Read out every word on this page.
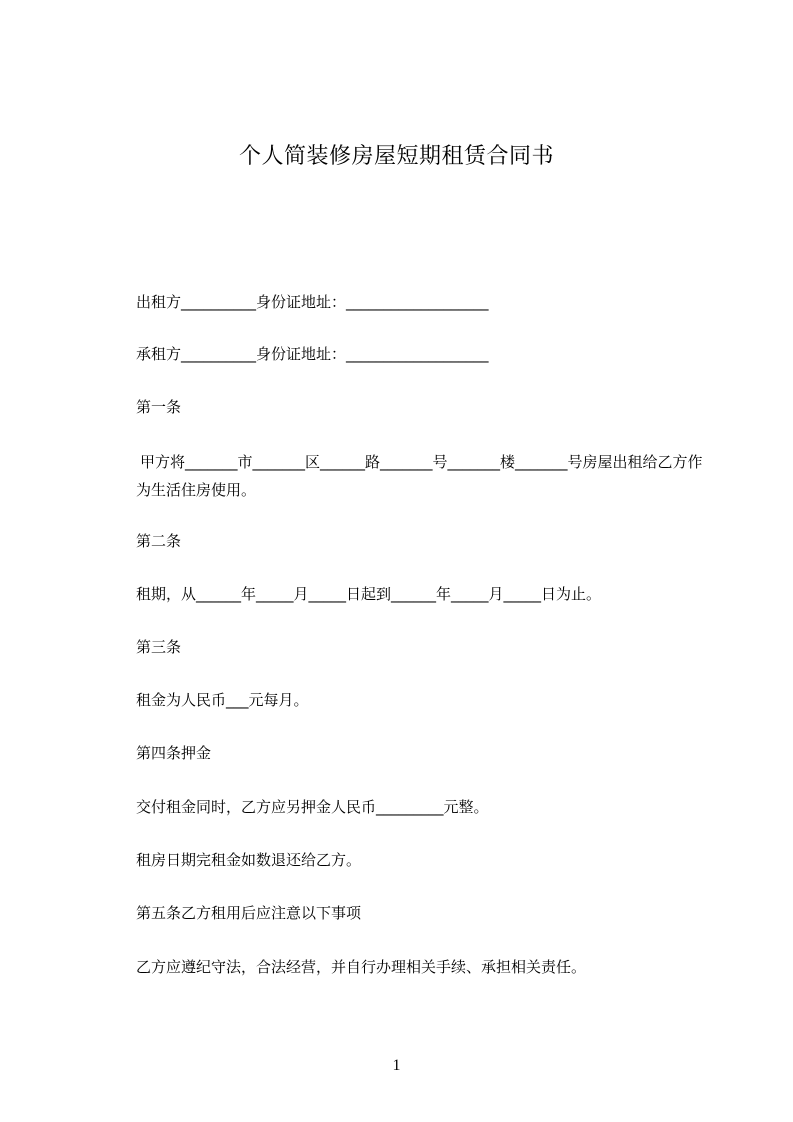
个人简装修房屋短期租赁合同书
出租方__________身份证地址：___________________
承租方__________身份证地址：___________________
第一条
甲方将_______市_______区______路_______号_______楼_______号房屋出租给乙方作为生活住房使用。
第二条
租期，从______年_____月_____日起到______年_____月_____日为止。
第三条
租金为人民币___元每月。
第四条押金
交付租金同时，乙方应另押金人民币_________元整。
租房日期完租金如数退还给乙方。
第五条乙方租用后应注意以下事项
乙方应遵纪守法，合法经营，并自行办理相关手续、承担相关责任。
1
